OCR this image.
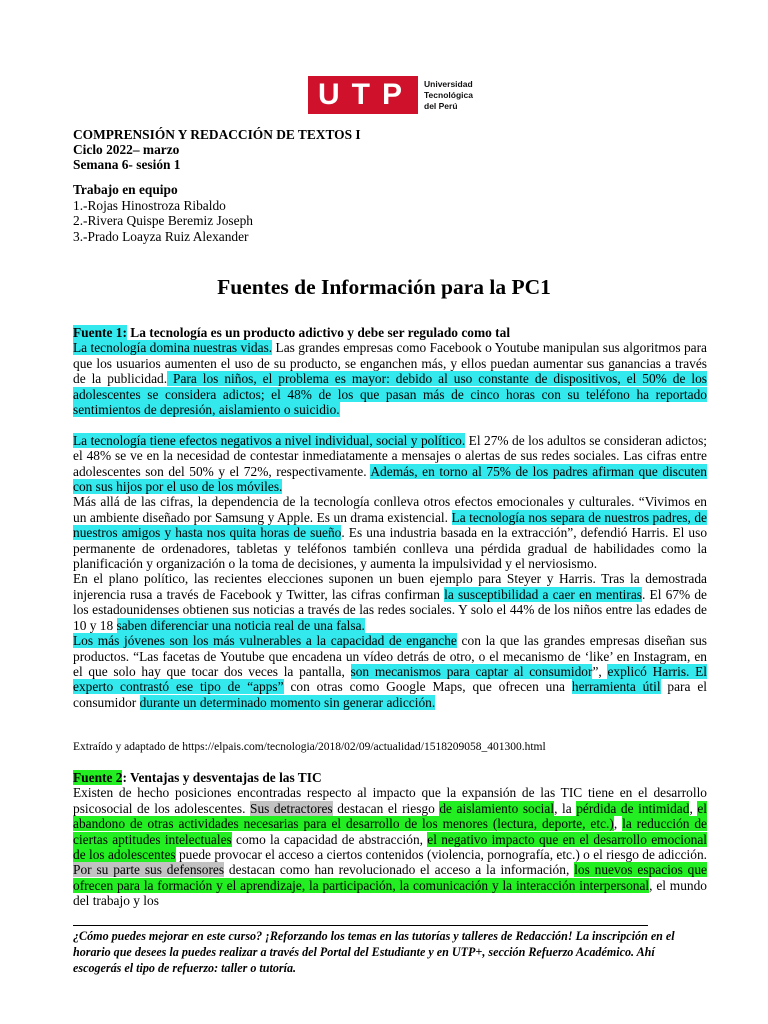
UTP	Universidad
Tecnológica
del Perú
COMPRENSIÓN Y REDACCIÓN DE TEXTOS I
Ciclo 2022– marzo
Semana 6- sesión 1
Trabajo en equipo
1.-Rojas Hinostroza Ribaldo
2.-Rivera Quispe Beremiz Joseph
3.-Prado Loayza Ruiz Alexander
Fuentes de Información para la PC1
Fuente 1: La tecnología es un producto adictivo y debe ser regulado como tal
La tecnología domina nuestras vidas. Las grandes empresas como Facebook o Youtube manipulan sus algoritmos para que los usuarios aumenten el uso de su producto, se enganchen más, y ellos puedan aumentar sus ganancias a través de la publicidad. Para los niños, el problema es mayor: debido al uso constante de dispositivos, el 50% de los adolescentes se considera adictos; el 48% de los que pasan más de cinco horas con su teléfono ha reportado sentimientos de depresión, aislamiento o suicidio.
La tecnología tiene efectos negativos a nivel individual, social y político. El 27% de los adultos se consideran adictos; el 48% se ve en la necesidad de contestar inmediatamente a mensajes o alertas de sus redes sociales. Las cifras entre adolescentes son del 50% y el 72%, respectivamente. Además, en torno al 75% de los padres afirman que discuten con sus hijos por el uso de los móviles.
Más allá de las cifras, la dependencia de la tecnología conlleva otros efectos emocionales y culturales. “Vivimos en un ambiente diseñado por Samsung y Apple. Es un drama existencial. La tecnología nos separa de nuestros padres, de nuestros amigos y hasta nos quita horas de sueño. Es una industria basada en la extracción”, defendió Harris. El uso permanente de ordenadores, tabletas y teléfonos también conlleva una pérdida gradual de habilidades como la planificación y organización o la toma de decisiones, y aumenta la impulsividad y el nerviosismo.
En el plano político, las recientes elecciones suponen un buen ejemplo para Steyer y Harris. Tras la demostrada injerencia rusa a través de Facebook y Twitter, las cifras confirman la susceptibilidad a caer en mentiras. El 67% de los estadounidenses obtienen sus noticias a través de las redes sociales. Y solo el 44% de los niños entre las edades de 10 y 18 saben diferenciar una noticia real de una falsa.
Los más jóvenes son los más vulnerables a la capacidad de enganche con la que las grandes empresas diseñan sus productos. “Las facetas de Youtube que encadena un vídeo detrás de otro, o el mecanismo de ‘like’ en Instagram, en el que solo hay que tocar dos veces la pantalla, son mecanismos para captar al consumidor”, explicó Harris. El experto contrastó ese tipo de “apps” con otras como Google Maps, que ofrecen una herramienta útil para el consumidor durante un determinado momento sin generar adicción.
Extraído y adaptado de https://elpais.com/tecnologia/2018/02/09/actualidad/1518209058_401300.html
Fuente 2: Ventajas y desventajas de las TIC
Existen de hecho posiciones encontradas respecto al impacto que la expansión de las TIC tiene en el desarrollo psicosocial de los adolescentes. Sus detractores destacan el riesgo de aislamiento social, la pérdida de intimidad, el abandono de otras actividades necesarias para el desarrollo de los menores (lectura, deporte, etc.), la reducción de ciertas aptitudes intelectuales como la capacidad de abstracción, el negativo impacto que en el desarrollo emocional de los adolescentes puede provocar el acceso a ciertos contenidos (violencia, pornografía, etc.) o el riesgo de adicción. Por su parte sus defensores destacan como han revolucionado el acceso a la información, los nuevos espacios que ofrecen para la formación y el aprendizaje, la participación, la comunicación y la interacción interpersonal, el mundo del trabajo y los
¿Cómo puedes mejorar en este curso? ¡Reforzando los temas en las tutorías y talleres de Redacción! La inscripción en el horario que desees la puedes realizar a través del Portal del Estudiante y en UTP+, sección Refuerzo Académico. Ahí escogerás el tipo de refuerzo: taller o tutoría.
